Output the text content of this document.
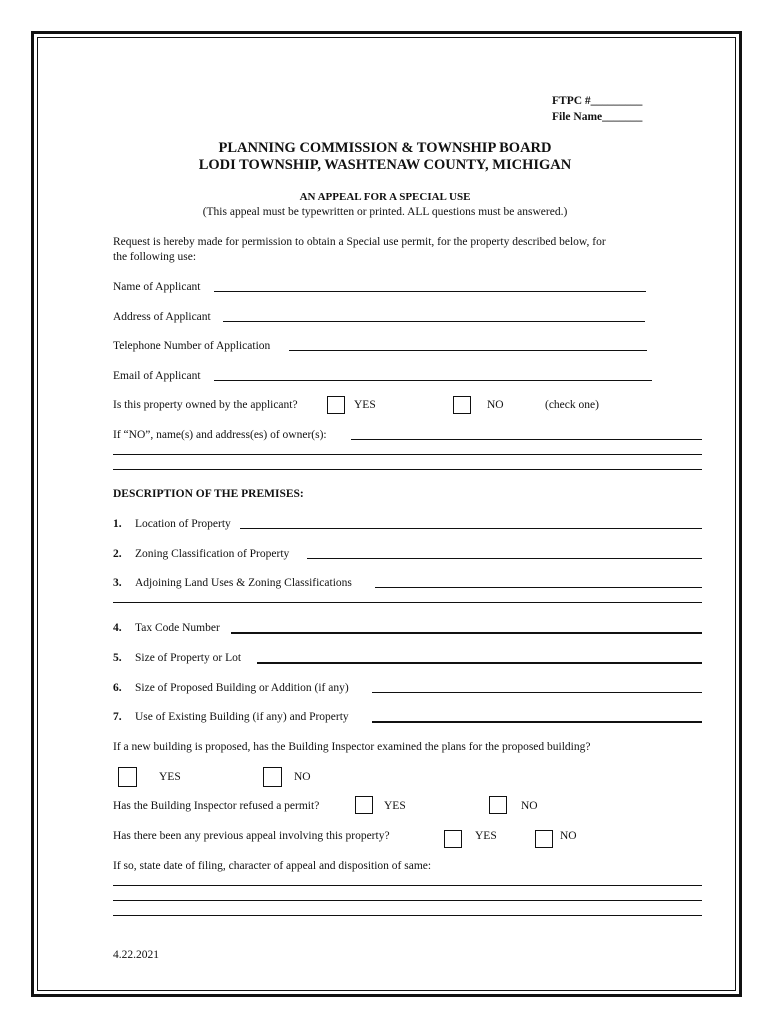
FTPC #_________
File Name_______
PLANNING COMMISSION & TOWNSHIP BOARD
LODI TOWNSHIP, WASHTENAW COUNTY, MICHIGAN
AN APPEAL FOR A SPECIAL USE
(This appeal must be typewritten or printed. ALL questions must be answered.)
Request is hereby made for permission to obtain a Special use permit, for the property described below, for
the following use:
Name of Applicant
Address of Applicant
Telephone Number of Application
Email of Applicant
Is this property owned by the applicant?	YES	NO	(check one)
If “NO”, name(s) and address(es) of owner(s):
DESCRIPTION OF THE PREMISES:
1. Location of Property
2. Zoning Classification of Property
3. Adjoining Land Uses & Zoning Classifications
4. Tax Code Number
5. Size of Property or Lot
6. Size of Proposed Building or Addition (if any)
7. Use of Existing Building (if any) and Property
If a new building is proposed, has the Building Inspector examined the plans for the proposed building?
YES	NO
Has the Building Inspector refused a permit?	YES	NO
Has there been any previous appeal involving this property?	YES	NO
If so, state date of filing, character of appeal and disposition of same:
4.22.2021
